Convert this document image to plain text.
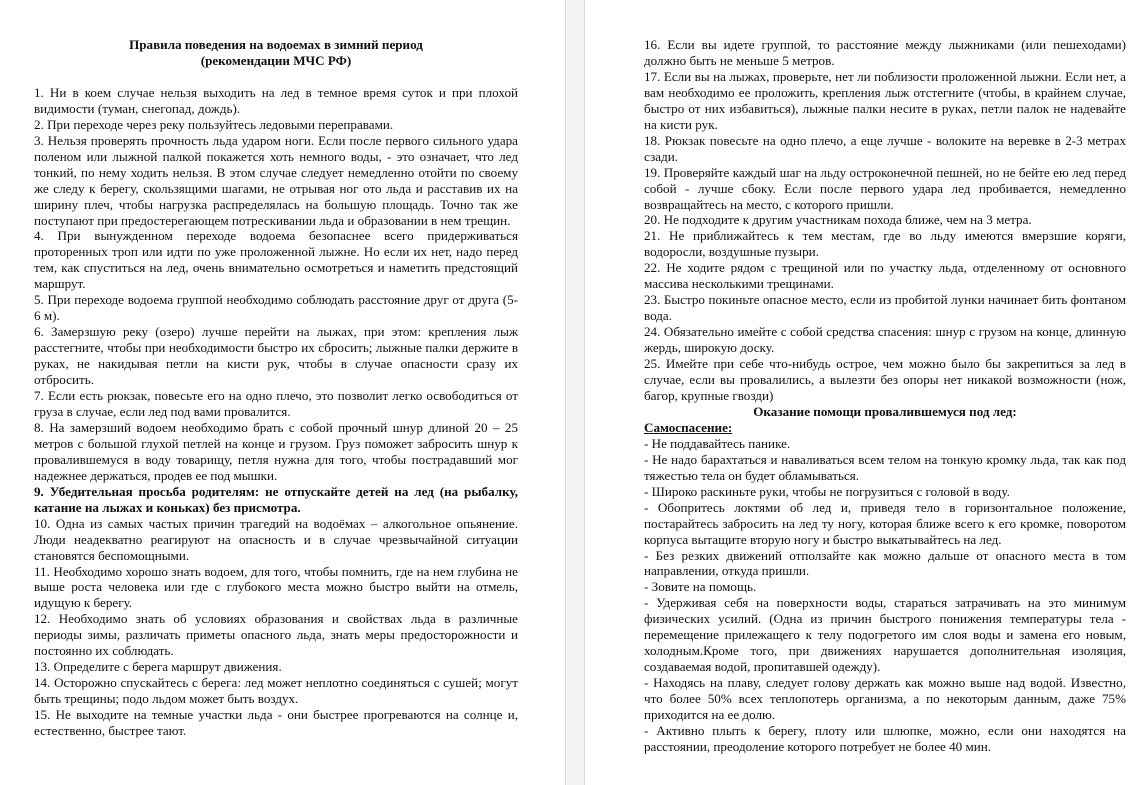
Правила поведения на водоемах в зимний период

(рекомендации МЧС РФ)

1. Ни в коем случае нельзя выходить на лед в темное время суток и при плохой видимости (туман, снегопад, дождь).

2. При переходе через реку пользуйтесь ледовыми переправами.

3. Нельзя проверять прочность льда ударом ноги. Если после первого сильного удара поленом или лыжной палкой покажется хоть немного воды, - это означает, что лед тонкий, по нему ходить нельзя. В этом случае следует немедленно отойти по своему же следу к берегу, скользящими шагами, не отрывая ног ото льда и расставив их на ширину плеч, чтобы нагрузка распределялась на большую площадь. Точно так же поступают при предостерегающем потрескивании льда и образовании в нем трещин.

4. При вынужденном переходе водоема безопаснее всего придерживаться проторенных троп или идти по уже проложенной лыжне. Но если их нет, надо перед тем, как спуститься на лед, очень внимательно осмотреться и наметить предстоящий маршрут.

5. При переходе водоема группой необходимо соблюдать расстояние друг от друга (5-6 м).

6. Замерзшую реку (озеро) лучше перейти на лыжах, при этом: крепления лыж расстегните, чтобы при необходимости быстро их сбросить; лыжные палки держите в руках, не накидывая петли на кисти рук, чтобы в случае опасности сразу их отбросить.

7. Если есть рюкзак, повесьте его на одно плечо, это позволит легко освободиться от груза в случае, если лед под вами провалится.

8. На замерзший водоем необходимо брать с собой прочный шнур длиной 20 – 25 метров с большой глухой петлей на конце и грузом. Груз поможет забросить шнур к провалившемуся в воду товарищу, петля нужна для того, чтобы пострадавший мог надежнее держаться, продев ее под мышки.

9. Убедительная просьба родителям: не отпускайте детей на лед (на рыбалку, катание на лыжах и коньках) без присмотра.

10. Одна из самых частых причин трагедий на водоёмах – алкогольное опьянение. Люди неадекватно реагируют на опасность и в случае чрезвычайной ситуации становятся беспомощными.

11. Необходимо хорошо знать водоем, для того, чтобы помнить, где на нем глубина не выше роста человека или где с глубокого места можно быстро выйти на отмель, идущую к берегу.

12. Необходимо знать об условиях образования и свойствах льда в различные периоды зимы, различать приметы опасного льда, знать меры предосторожности и постоянно их соблюдать.

13. Определите с берега маршрут движения.

14. Осторожно спускайтесь с берега: лед может неплотно соединяться с сушей; могут быть трещины; подо льдом может быть воздух.

15. Не выходите на темные участки льда - они быстрее прогреваются на солнце и, естественно, быстрее тают.

16. Если вы идете группой, то расстояние между лыжниками (или пешеходами) должно быть не меньше 5 метров.

17. Если вы на лыжах, проверьте, нет ли поблизости проложенной лыжни. Если нет, а вам необходимо ее проложить, крепления лыж отстегните (чтобы, в крайнем случае, быстро от них избавиться), лыжные палки несите в руках, петли палок не надевайте на кисти рук.

18. Рюкзак повесьте на одно плечо, а еще лучше - волоките на веревке в 2-3 метрах сзади.

19. Проверяйте каждый шаг на льду остроконечной пешней, но не бейте ею лед перед собой - лучше сбоку. Если после первого удара лед пробивается, немедленно возвращайтесь на место, с которого пришли.

20. Не подходите к другим участникам похода ближе, чем на 3 метра.

21. Не приближайтесь к тем местам, где во льду имеются вмерзшие коряги, водоросли, воздушные пузыри.

22. Не ходите рядом с трещиной или по участку льда, отделенному от основного массива несколькими трещинами.

23. Быстро покиньте опасное место, если из пробитой лунки начинает бить фонтаном вода.

24. Обязательно имейте с собой средства спасения: шнур с грузом на конце, длинную жердь, широкую доску.

25. Имейте при себе что-нибудь острое, чем можно было бы закрепиться за лед в случае, если вы провалились, а вылезти без опоры нет никакой возможности (нож, багор, крупные гвозди)

Оказание помощи провалившемуся под лед:

Самоспасение:

- Не поддавайтесь панике.

- Не надо барахтаться и наваливаться всем телом на тонкую кромку льда, так как под тяжестью тела он будет обламываться.

- Широко раскиньте руки, чтобы не погрузиться с головой в воду.

- Обопритесь локтями об лед и, приведя тело в горизонтальное положение, постарайтесь забросить на лед ту ногу, которая ближе всего к его кромке, поворотом корпуса вытащите вторую ногу и быстро выкатывайтесь на лед.

- Без резких движений отползайте как можно дальше от опасного места в том направлении, откуда пришли.

- Зовите на помощь.

- Удерживая себя на поверхности воды, стараться затрачивать на это минимум физических усилий. (Одна из причин быстрого понижения температуры тела - перемещение прилежащего к телу подогретого им слоя воды и замена его новым, холодным.Кроме того, при движениях нарушается дополнительная изоляция, создаваемая водой, пропитавшей одежду).

- Находясь на плаву, следует голову держать как можно выше над водой. Известно, что более 50% всех теплопотерь организма, а по некоторым данным, даже 75% приходится на ее долю.

- Активно плыть к берегу, плоту или шлюпке, можно, если они находятся на расстоянии, преодоление которого потребует не более 40 мин.
